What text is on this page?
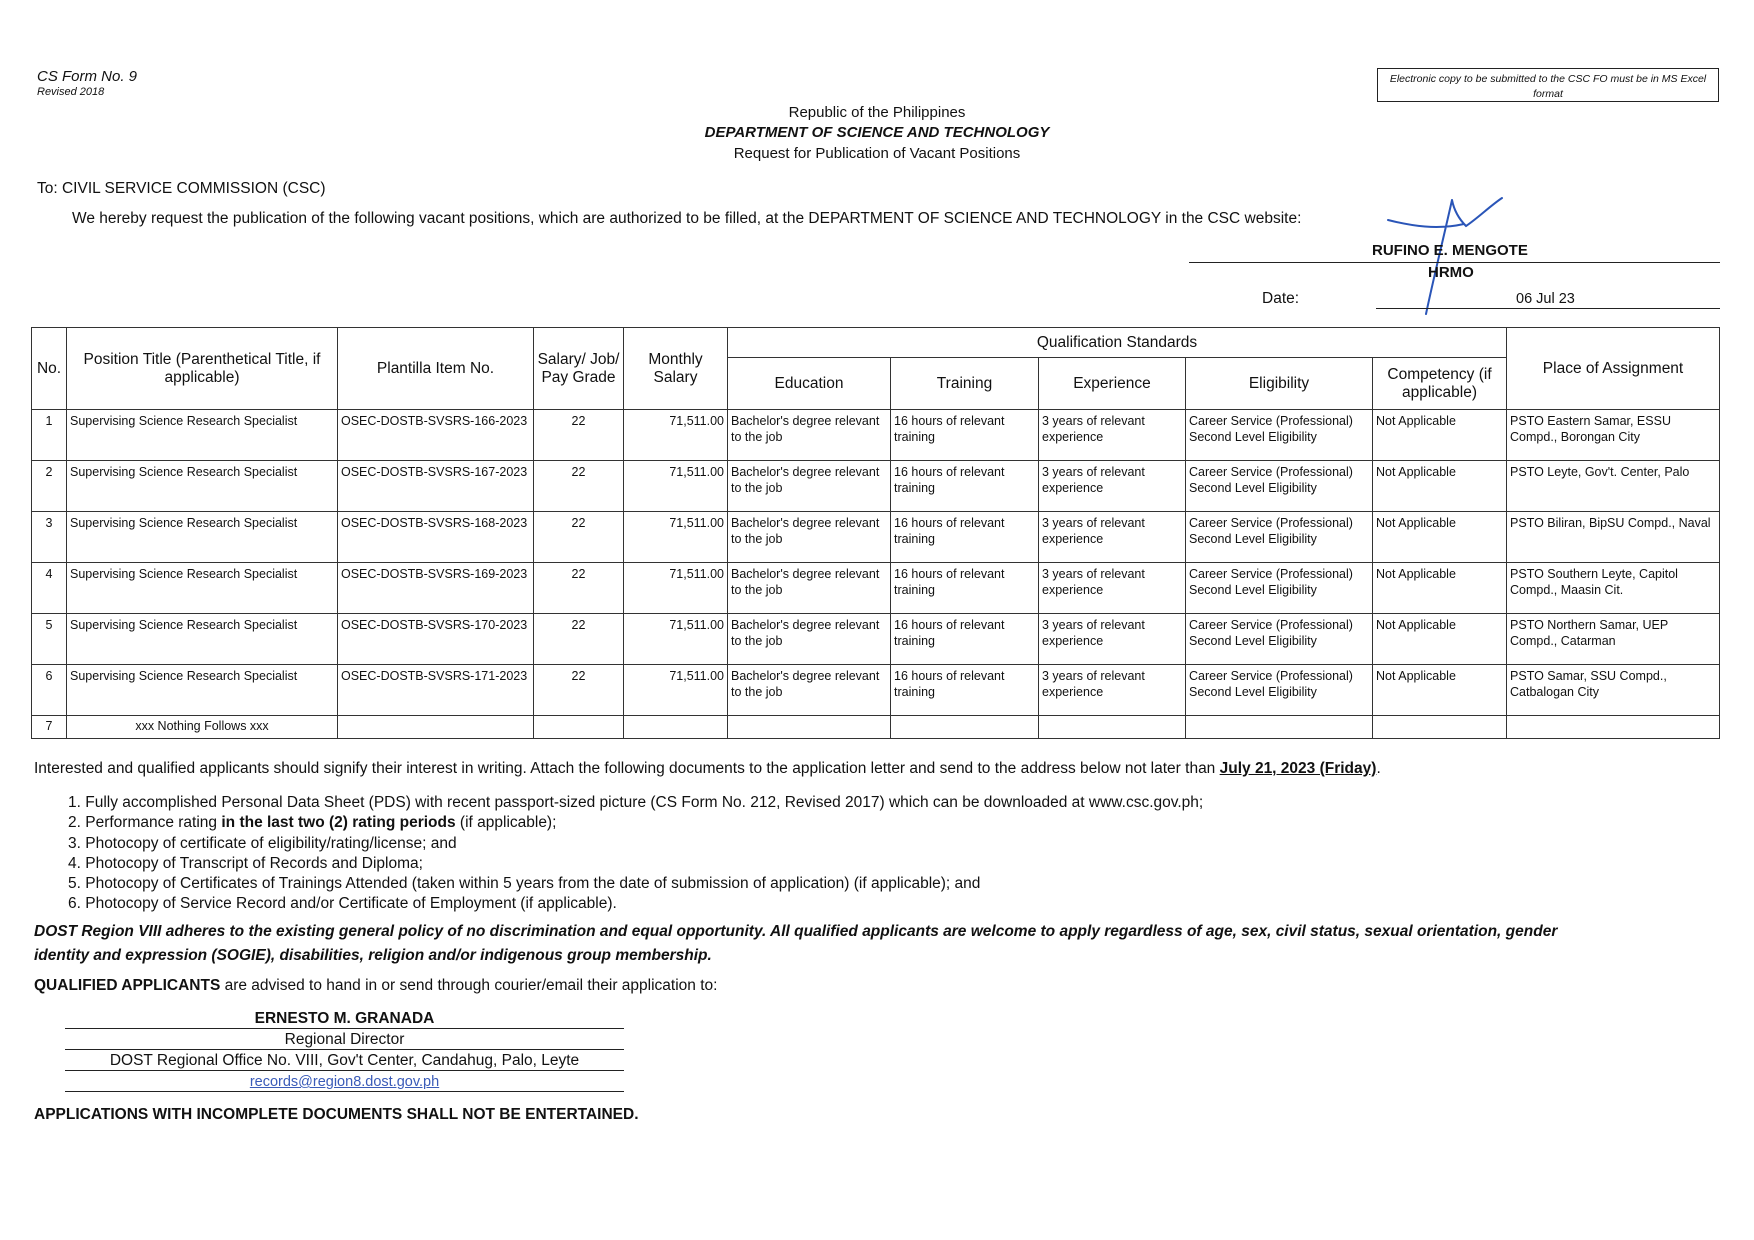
CS Form No. 9
Revised 2018
Electronic copy to be submitted to the CSC FO must be in MS Excel format
Republic of the Philippines
DEPARTMENT OF SCIENCE AND TECHNOLOGY
Request for Publication of Vacant Positions
To: CIVIL SERVICE COMMISSION (CSC)
We hereby request the publication of the following vacant positions, which are authorized to be filled, at the DEPARTMENT OF SCIENCE AND TECHNOLOGY in the CSC website:
RUFINO E. MENGOTE
HRMO
Date:	06 Jul 23
No.	Position Title (Parenthetical Title, if applicable)	Plantilla Item No.	Salary/ Job/ Pay Grade	Monthly Salary	Qualification Standards					Place of Assignment
					Education	Training	Experience	Eligibility	Competency (if applicable)	
1	Supervising Science Research Specialist	OSEC-DOSTB-SVSRS-166-2023	22	71,511.00	Bachelor's degree relevant to the job	16 hours of relevant training	3 years of relevant experience	Career Service (Professional) Second Level Eligibility	Not Applicable	PSTO Eastern Samar, ESSU Compd., Borongan City
2	Supervising Science Research Specialist	OSEC-DOSTB-SVSRS-167-2023	22	71,511.00	Bachelor's degree relevant to the job	16 hours of relevant training	3 years of relevant experience	Career Service (Professional) Second Level Eligibility	Not Applicable	PSTO Leyte, Gov't. Center, Palo
3	Supervising Science Research Specialist	OSEC-DOSTB-SVSRS-168-2023	22	71,511.00	Bachelor's degree relevant to the job	16 hours of relevant training	3 years of relevant experience	Career Service (Professional) Second Level Eligibility	Not Applicable	PSTO Biliran, BipSU Compd., Naval
4	Supervising Science Research Specialist	OSEC-DOSTB-SVSRS-169-2023	22	71,511.00	Bachelor's degree relevant to the job	16 hours of relevant training	3 years of relevant experience	Career Service (Professional) Second Level Eligibility	Not Applicable	PSTO Southern Leyte, Capitol Compd., Maasin Cit.
5	Supervising Science Research Specialist	OSEC-DOSTB-SVSRS-170-2023	22	71,511.00	Bachelor's degree relevant to the job	16 hours of relevant training	3 years of relevant experience	Career Service (Professional) Second Level Eligibility	Not Applicable	PSTO Northern Samar, UEP Compd., Catarman
6	Supervising Science Research Specialist	OSEC-DOSTB-SVSRS-171-2023	22	71,511.00	Bachelor's degree relevant to the job	16 hours of relevant training	3 years of relevant experience	Career Service (Professional) Second Level Eligibility	Not Applicable	PSTO Samar, SSU Compd., Catbalogan City
7	xxx Nothing Follows xxx									
Interested and qualified applicants should signify their interest in writing. Attach the following documents to the application letter and send to the address below not later than July 21, 2023 (Friday).
1. Fully accomplished Personal Data Sheet (PDS) with recent passport-sized picture (CS Form No. 212, Revised 2017) which can be downloaded at www.csc.gov.ph;
2. Performance rating in the last two (2) rating periods (if applicable);
3. Photocopy of certificate of eligibility/rating/license; and
4. Photocopy of Transcript of Records and Diploma;
5. Photocopy of Certificates of Trainings Attended (taken within 5 years from the date of submission of application) (if applicable); and
6. Photocopy of Service Record and/or Certificate of Employment (if applicable).
DOST Region VIII adheres to the existing general policy of no discrimination and equal opportunity. All qualified applicants are welcome to apply regardless of age, sex, civil status, sexual orientation, gender
identity and expression (SOGIE), disabilities, religion and/or indigenous group membership.
QUALIFIED APPLICANTS are advised to hand in or send through courier/email their application to:
ERNESTO M. GRANADA
Regional Director
DOST Regional Office No. VIII, Gov't Center, Candahug, Palo, Leyte
records@region8.dost.gov.ph
APPLICATIONS WITH INCOMPLETE DOCUMENTS SHALL NOT BE ENTERTAINED.
